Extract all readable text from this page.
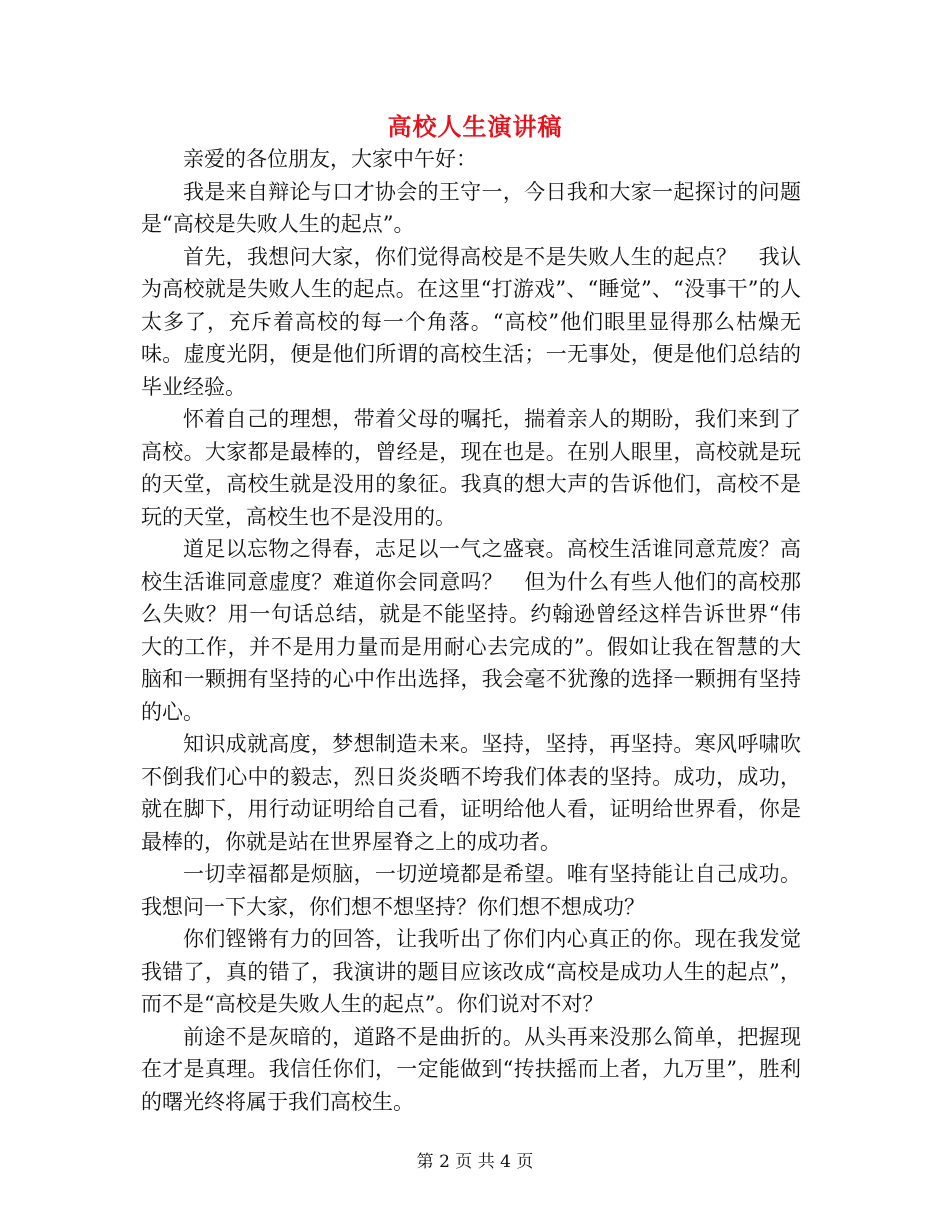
高校人生演讲稿

亲爱的各位朋友，大家中午好：

我是来自辩论与口才协会的王守一，今日我和大家一起探讨的问题是“高校是失败人生的起点”。

首先，我想问大家，你们觉得高校是不是失败人生的起点？　我认为高校就是失败人生的起点。在这里“打游戏”、“睡觉”、“没事干”的人太多了，充斥着高校的每一个角落。“高校”他们眼里显得那么枯燥无味。虚度光阴，便是他们所谓的高校生活；一无事处，便是他们总结的毕业经验。

怀着自己的理想，带着父母的嘱托，揣着亲人的期盼，我们来到了高校。大家都是最棒的，曾经是，现在也是。在别人眼里，高校就是玩的天堂，高校生就是没用的象征。我真的想大声的告诉他们，高校不是玩的天堂，高校生也不是没用的。

道足以忘物之得春，志足以一气之盛衰。高校生活谁同意荒废？高校生活谁同意虚度？难道你会同意吗？　但为什么有些人他们的高校那么失败？用一句话总结，就是不能坚持。约翰逊曾经这样告诉世界“伟大的工作，并不是用力量而是用耐心去完成的”。假如让我在智慧的大脑和一颗拥有坚持的心中作出选择，我会毫不犹豫的选择一颗拥有坚持的心。

知识成就高度，梦想制造未来。坚持，坚持，再坚持。寒风呼啸吹不倒我们心中的毅志，烈日炎炎晒不垮我们体表的坚持。成功，成功，就在脚下，用行动证明给自己看，证明给他人看，证明给世界看，你是最棒的，你就是站在世界屋脊之上的成功者。

一切幸福都是烦脑，一切逆境都是希望。唯有坚持能让自己成功。我想问一下大家，你们想不想坚持？你们想不想成功？

你们铿锵有力的回答，让我听出了你们内心真正的你。现在我发觉我错了，真的错了，我演讲的题目应该改成“高校是成功人生的起点”，而不是“高校是失败人生的起点”。你们说对不对？

前途不是灰暗的，道路不是曲折的。从头再来没那么简单，把握现在才是真理。我信任你们，一定能做到“抟扶摇而上者，九万里”，胜利的曙光终将属于我们高校生。

第 2 页 共 4 页
